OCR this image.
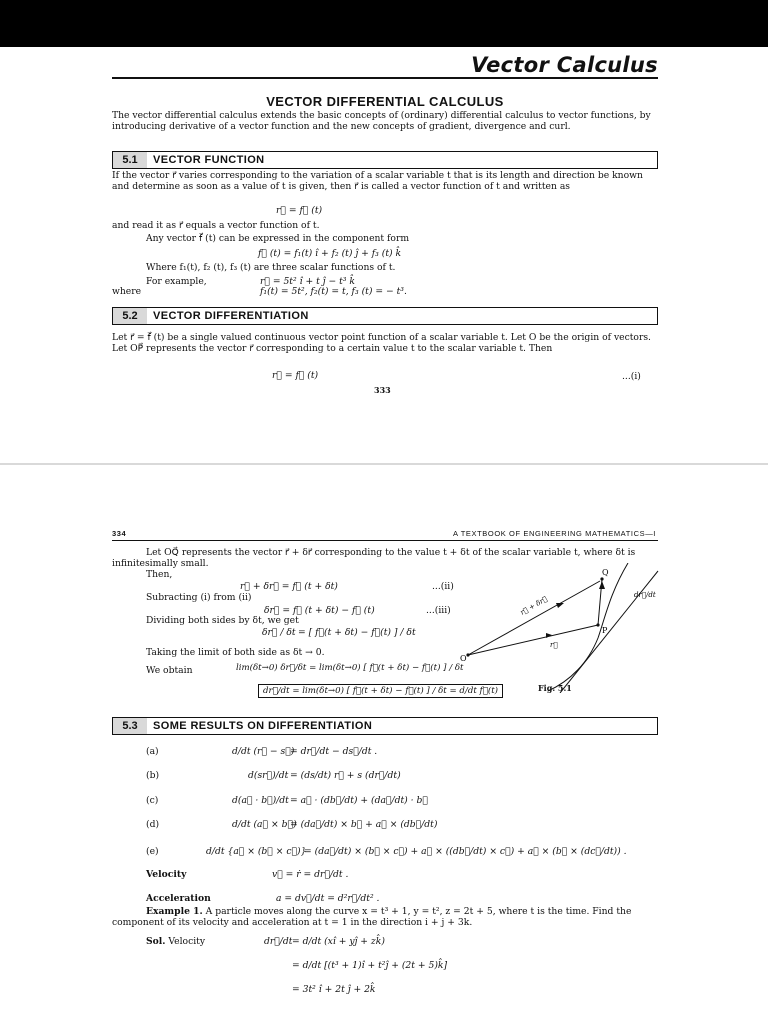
Vector Calculus
VECTOR DIFFERENTIAL CALCULUS
The vector differential calculus extends the basic concepts of (ordinary) differential calculus to vector functions, by introducing derivative of a vector function and the new concepts of gradient, divergence and curl.
5.1	VECTOR FUNCTION
If the vector r⃗ varies corresponding to the variation of a scalar variable t that is its length and direction be known and determine as soon as a value of t is given, then r⃗ is called a vector function of t and written as
r⃗ = f⃗ (t)
and read it as r⃗ equals a vector function of t.
Any vector f⃗ (t) can be expressed in the component form
f⃗ (t) = f₁(t) î + f₂ (t) ĵ + f₃ (t) k̂
Where f₁(t), f₂ (t), f₃ (t) are three scalar functions of t.
For example,	r⃗ = 5t² î + t ĵ − t³ k̂
where	f₁(t) = 5t², f₂(t) = t, f₃ (t) = − t³.
5.2	VECTOR DIFFERENTIATION
Let r⃗ = f⃗ (t) be a single valued continuous vector point function of a scalar variable t. Let O be the origin of vectors. Let OP⃗ represents the vector r⃗ corresponding to a certain value t to the scalar variable t. Then
r⃗ = f⃗ (t)	...(i)
333
334	A TEXTBOOK OF ENGINEERING MATHEMATICS—I
Let OQ⃗ represents the vector r⃗ + δr⃗ corresponding to the value t + δt of the scalar variable t, where δt is infinitesimally small.
Then,
r⃗ + δr⃗ = f⃗ (t + δt)	...(ii)
Subracting (i) from (ii)
δr⃗ = f⃗ (t + δt) − f⃗ (t)	...(iii)
Dividing both sides by δt, we get
δr⃗ / δt = [ f⃗(t + δt) − f⃗(t) ] / δt
Taking the limit of both side as δt → 0.
We obtain	lim(δt→0) δr⃗/δt = lim(δt→0) [ f⃗(t + δt) − f⃗(t) ] / δt
dr⃗/dt = lim(δt→0) [ f⃗(t + δt) − f⃗(t) ] / δt = d/dt f⃗(t)
O
P
Q
r⃗
r⃗ + δr⃗	dr⃗/dt
Fig. 5.1
5.3	SOME RESULTS ON DIFFERENTIATION
(a)	d/dt (r⃗ − s⃗)
= dr⃗/dt − ds⃗/dt .
(b)	d(sr⃗)/dt = (ds/dt) r⃗ + s (dr⃗/dt)
(c)	d(a⃗ · b⃗)/dt = a⃗ · (db⃗/dt) + (da⃗/dt) · b⃗
(d)	d/dt (a⃗ × b⃗)
= (da⃗/dt) × b⃗ + a⃗ × (db⃗/dt)
(e)	d/dt {a⃗ × (b⃗ × c⃗)}
= (da⃗/dt) × (b⃗ × c⃗) + a⃗ × ((db⃗/dt) × c⃗) + a⃗ × (b⃗ × (dc⃗/dt)) .
Velocity	v⃗ = ṙ = dr⃗/dt .
Acceleration	a = dv⃗/dt = d²r⃗/dt² .
Example 1. A particle moves along the curve x = t³ + 1, y = t², z = 2t + 5, where t is the time. Find the component of its velocity and acceleration at t = 1 in the direction i + j + 3k.
Sol. Velocity	dr⃗/dt = d/dt (xî + yĵ + zk̂)
= d/dt [(t³ + 1)î + t²ĵ + (2t + 5)k̂]
= 3t² î + 2t ĵ + 2k̂
